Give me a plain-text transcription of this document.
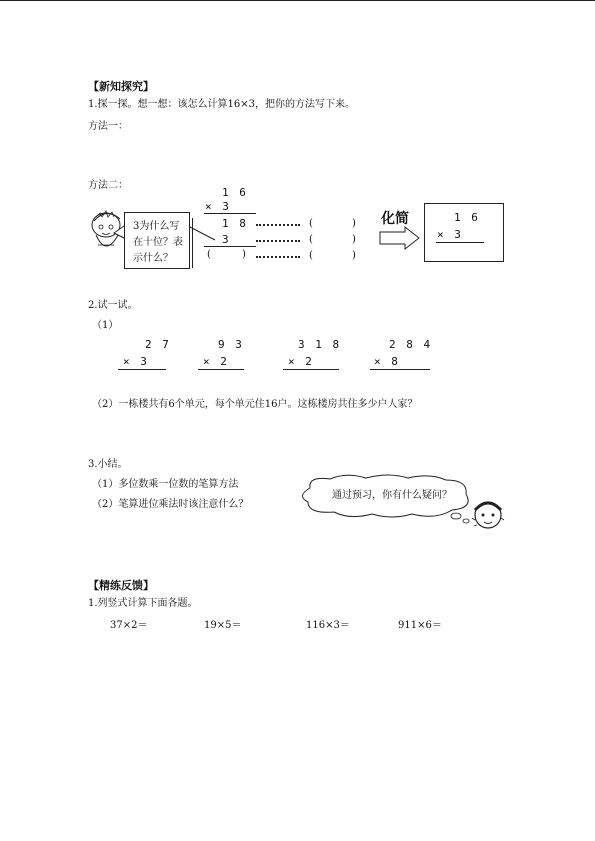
【新知探究】
1.探一探。想一想：该怎么计算16×3，把你的方法写下来。
方法一：
方法二：
3为什么写
在十位？表
示什么？
1 6
× 3
1 8
3
(	)
(	)
(	)
(	)
化简	1 6
× 3
2.试一试。
（1）
2 7
× 3
9 3
× 2
3 1 8
× 2
2 8 4
× 8
（2）一栋楼共有6个单元，每个单元住16户。这栋楼房共住多少户人家？
3.小结。
（1）多位数乘一位数的笔算方法
（2）笔算进位乘法时该注意什么？
通过预习，你有什么疑问？
【精练反馈】
1.列竖式计算下面各题。
37×2＝	19×5＝	116×3＝	911×6＝
